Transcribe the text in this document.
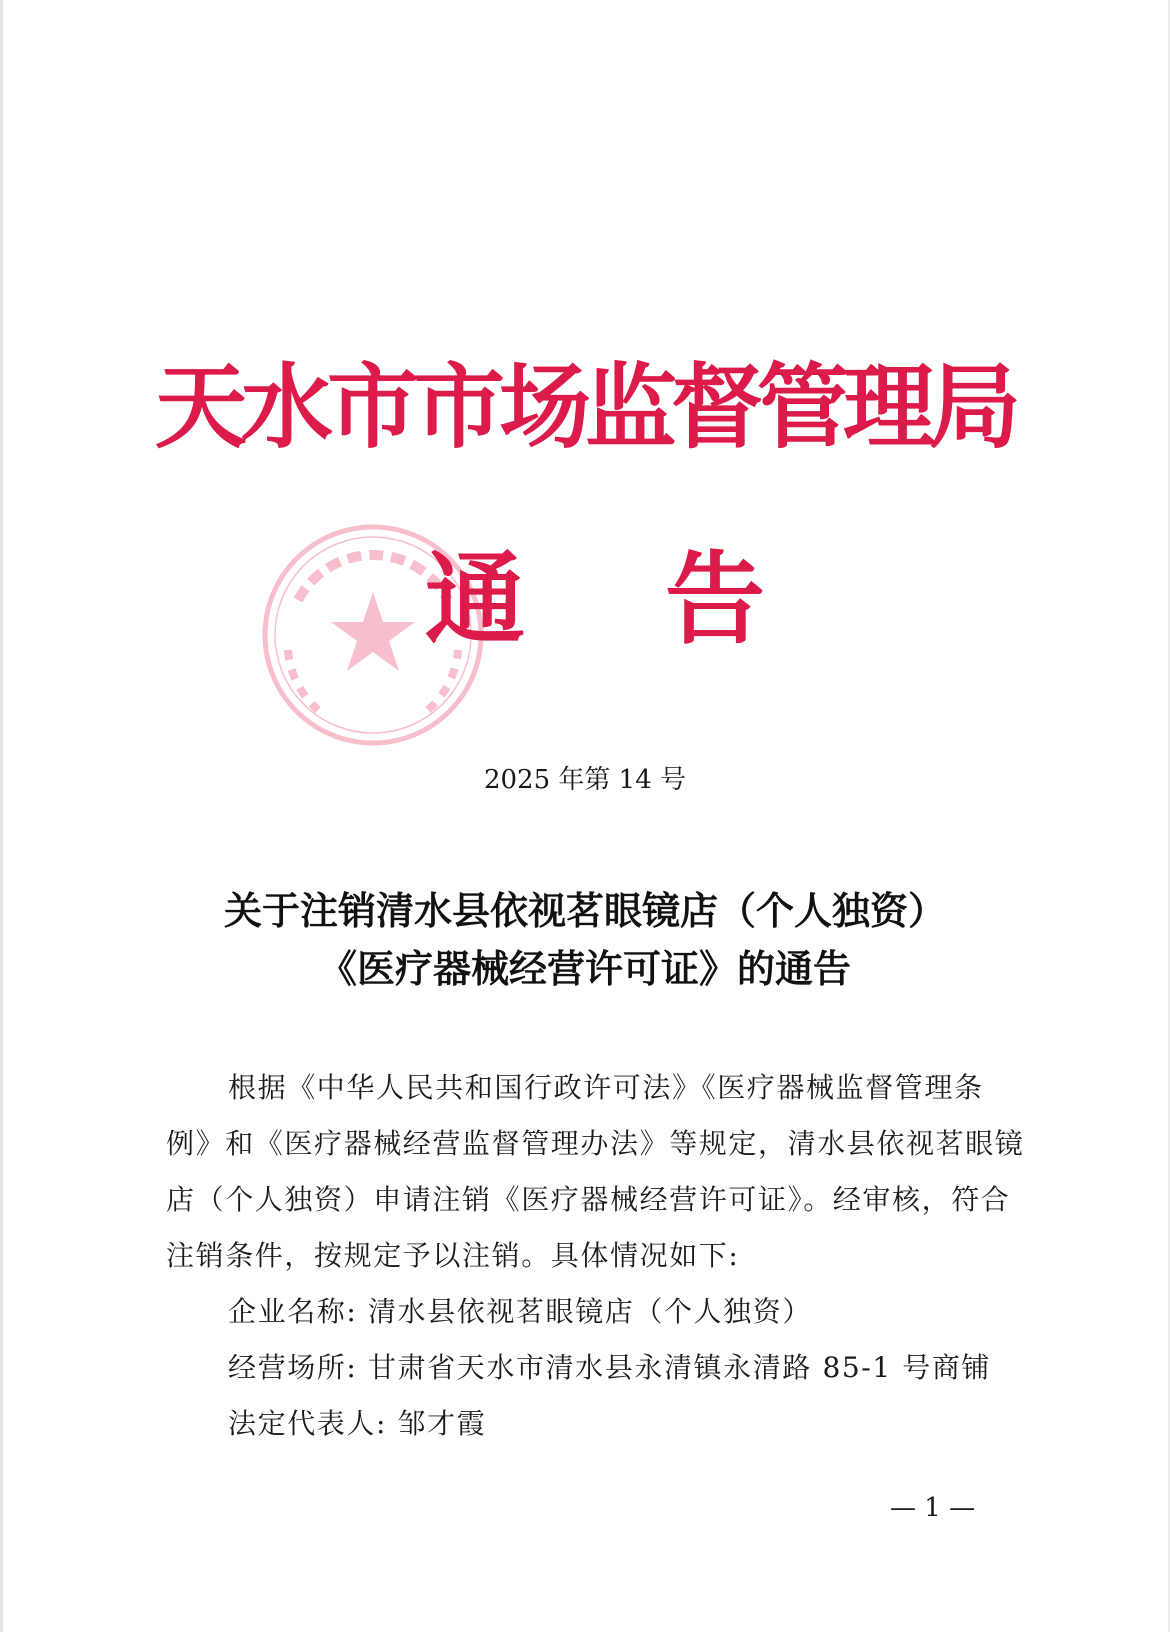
天水市市场监督管理局
通 告
2025 年第 14 号
关于注销清水县依视茗眼镜店（个人独资）
《医疗器械经营许可证》的通告

根据《中华人民共和国行政许可法》《医疗器械监督管理条例》和《医疗器械经营监督管理办法》等规定，清水县依视茗眼镜店（个人独资）申请注销《医疗器械经营许可证》。经审核，符合注销条件，按规定予以注销。具体情况如下:

企业名称: 清水县依视茗眼镜店（个人独资）
经营场所: 甘肃省天水市清水县永清镇永清路 85-1 号商铺
法定代表人: 邹才霞
— 1 —
